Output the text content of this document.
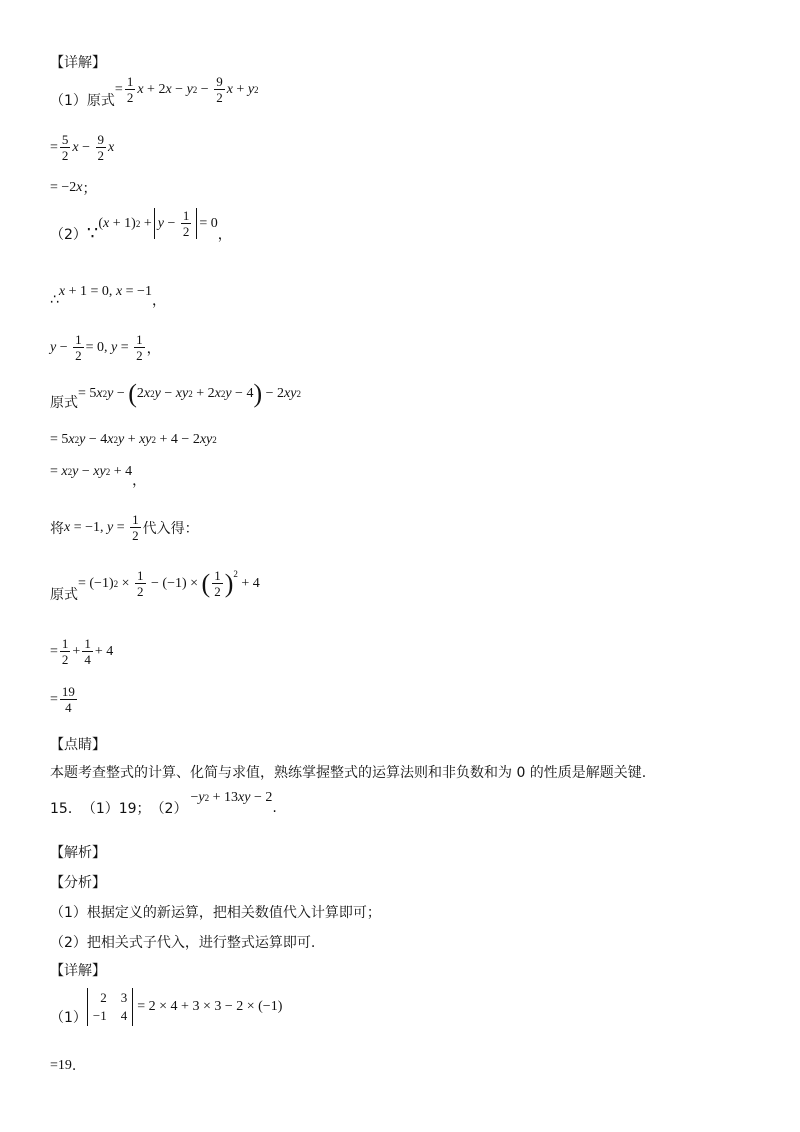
【详解】
（1）原式
= $\frac{1}{2}$ x + 2 x − y $2 - \frac{9}{2}$ x + y 2
= $\frac{5}{2}$ $x - \frac{9}{2}$ x
= −2 x ；
（2） ∵ ( x + 1) $2 + y - \frac{1}{2} = 0$
，
∴
x + 1 = 0, x = −1
，
$y - \frac{1}{2} = 0$, $y = \frac{1}{2}$ ，
原式
= 5 x 2 y − ( 2 x 2 y − xy 2 + 2 x 2 y − 4 ) − 2 xy 2
= 5 x 2 y − 4 x 2 y + xy 2 + 4 − 2 xy 2
= x 2 y − xy 2 + 4
，
将 x = −1, $y = \frac{1}{2}$ 代入得：
原式
= (−1) $2 \times \frac{1}{2} - (-1)$ × ( $\frac{1}{2}$ ) 2
+ 4
= $\frac{1}{2} + \frac{1}{4} + 4$
= $\frac{19}{4}$
【点睛】
本题考查整式的计算、化简与求值，熟练掌握整式的运算法则和非负数和为 0 的性质是解题关键.
15． （1）19； （2）
− y 2 + 13 xy − 2
.
【解析】
【分析】
（1）根据定义的新运算，把相关数值代入计算即可；
（2）把相关式子代入，进行整式运算即可.
【详解】
（1）
2 3
−1 4
= 2 × 4 + 3 × 3 − 2 × (−1)
=19 .
